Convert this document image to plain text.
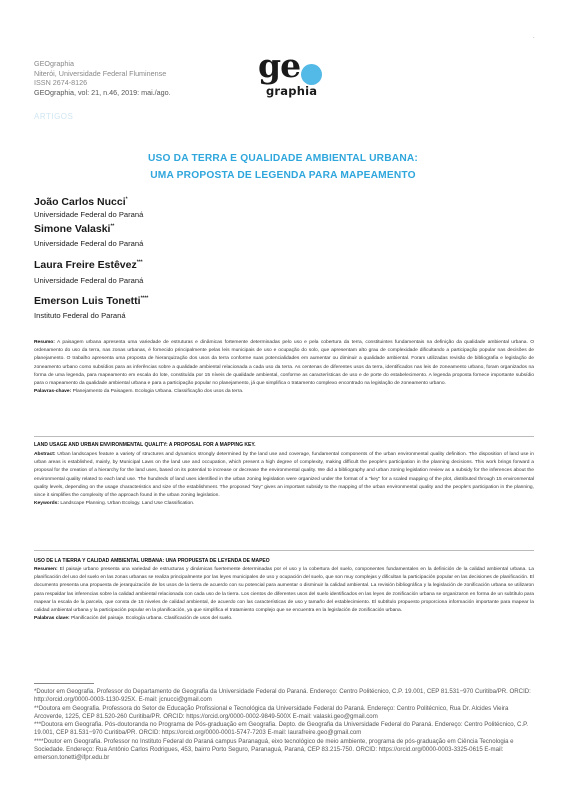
.
GEOgraphia
Niterói, Universidade Federal Fluminense
ISSN 2674-8126
GEOgraphia, vol: 21, n.46, 2019: mai./ago.
ge
graphia
ARTIGOS
USO DA TERRA E QUALIDADE AMBIENTAL URBANA:
UMA PROPOSTA DE LEGENDA PARA MAPEAMENTO
João Carlos Nucci*
Universidade Federal do Paraná
Simone Valaski**
Universidade Federal do Paraná
Laura Freire Estêvez***
Universidade Federal do Paraná
Emerson Luis Tonetti****
Instituto Federal do Paraná
Resumo: A paisagem urbana apresenta uma variedade de estruturas e dinâmicas fortemente determinadas pelo uso e pela cobertura da terra, constituintes fundamentais na definição da qualidade ambiental urbana. O ordenamento do uso da terra, nas zonas urbanas, é fornecido principalmente pelas leis municipais de uso e ocupação do solo, que apresentam alto grau de complexidade dificultando a participação popular nas decisões de planejamento. O trabalho apresenta uma proposta de hierarquização dos usos da terra conforme suas potencialidades em aumentar ou diminuir a qualidade ambiental. Foram utilizadas revisão de bibliografia e legislação de zoneamento urbano como subsídios para as inferências sobre a qualidade ambiental relacionada a cada uso da terra. As centenas de diferentes usos da terra, identificados nas leis de zoneamento urbano, foram organizados na forma de uma legenda, para mapeamento em escala do lote, constituída por 15 níveis de qualidade ambiental, conforme as características de uso e de porte do estabelecimento. A legenda proposta fornece importante subsídio para o mapeamento da qualidade ambiental urbana e para a participação popular no planejamento, já que simplifica o tratamento complexo encontrado na legislação de zoneamento urbano.
Palavras-chave: Planejamento da Paisagem. Ecologia Urbana. Classificação dos usos da terra.
LAND USAGE AND URBAN ENVIRONMENTAL QUALITY: A PROPOSAL FOR A MAPPING KEY.
Abstract: Urban landscapes feature a variety of structures and dynamics strongly determined by the land use and coverage, fundamental components of the urban environmental quality definition. The disposition of land use in urban areas is established, mainly, by Municipal Laws on the land use and occupation, which present a high degree of complexity, making difficult the people's participation in the planning decisions. This work brings forward a proposal for the creation of a hierarchy for the land uses, based on its potential to increase or decrease the environmental quality. We did a bibliography and urban zoning legislation review as a subsidy for the inferences about the environmental quality related to each land use. The hundreds of land uses identified in the urban zoning legislation were organized under the format of a "key" for a scaled mapping of the plot, distributed through 15 environmental quality levels, depending on the usage characteristics and size of the establishment. The proposed "key" gives an important subsidy to the mapping of the urban environmental quality and the people's participation in the planning, since it simplifies the complexity of the approach found in the urban zoning legislation.
Keywords: Landscape Planning. Urban Ecology. Land Use Classification.
USO DE LA TIERRA Y CALIDAD AMBIENTAL URBANA: UNA PROPUESTA DE LEYENDA DE MAPEO
Resumen: El paisaje urbano presenta una variedad de estructuras y dinámicas fuertemente determinadas por el uso y la cobertura del suelo, componentes fundamentales en la definición de la calidad ambiental urbana. La planificación del uso del suelo en las zonas urbanas se realiza principalmente por las leyes municipales de uso y ocupación del suelo, que son muy complejas y dificultan la participación popular en las decisiones de planificación. El documento presenta una propuesta de jerarquización de los usos de la tierra de acuerdo con su potencial para aumentar o disminuir la calidad ambiental. La revisión bibliográfica y la legislación de zonificación urbana se utilizaron para respaldar las inferencias sobre la calidad ambiental relacionada con cada uso de la tierra. Los cientos de diferentes usos del suelo identificados en las leyes de zonificación urbana se organizaron en forma de un subtítulo para mapear la escala de la parcela, que consta de 15 niveles de calidad ambiental, de acuerdo con las características de uso y tamaño del establecimiento. El subtítulo propuesto proporciona información importante para mapear la calidad ambiental urbana y la participación popular en la planificación, ya que simplifica el tratamiento complejo que se encuentra en la legislación de zonificación urbana.
Palabras clave: Planificación del paisaje. Ecología urbana. Clasificación de usos del suelo.

*Doutor em Geografia. Professor do Departamento de Geografia da Universidade Federal do Paraná. Endereço: Centro Politécnico, C.P. 19.001, CEP 81.531−970 Curitiba/PR. ORCID: http://orcid.org/0000-0003-1130-925X. E-mail: jcnucci@gmail.com

**Doutora em Geografia. Professora do Setor de Educação Profissional e Tecnológica da Universidade Federal do Paraná. Endereço: Centro Politécnico, Rua Dr. Alcides Vieira Arcoverde, 1225, CEP 81.520-260 Curitiba/PR. ORCID: https://orcid.org/0000-0002-9849-500X E-mail: valaski.geo@gmail.com

***Doutora em Geografia. Pós-doutoranda no Programa de Pós-graduação em Geografia. Depto. de Geografia da Universidade Federal do Paraná. Endereço: Centro Politécnico, C.P. 19.001, CEP 81.531−970 Curitiba/PR. ORCID: https://orcid.org/0000-0001-5747-7203 E-mail: laurafreire.geo@gmail.com

****Doutor em Geografia. Professor no Instituto Federal do Paraná campus Paranaguá, eixo tecnológico de meio ambiente, programa de pós-graduação em Ciência Tecnologia e Sociedade. Endereço: Rua Antônio Carlos Rodrigues, 453, bairro Porto Seguro, Paranaguá, Paraná, CEP 83.215-750. ORCID: https://orcid.org/0000-0003-3325-0615 E-mail: emerson.tonetti@ifpr.edu.br
